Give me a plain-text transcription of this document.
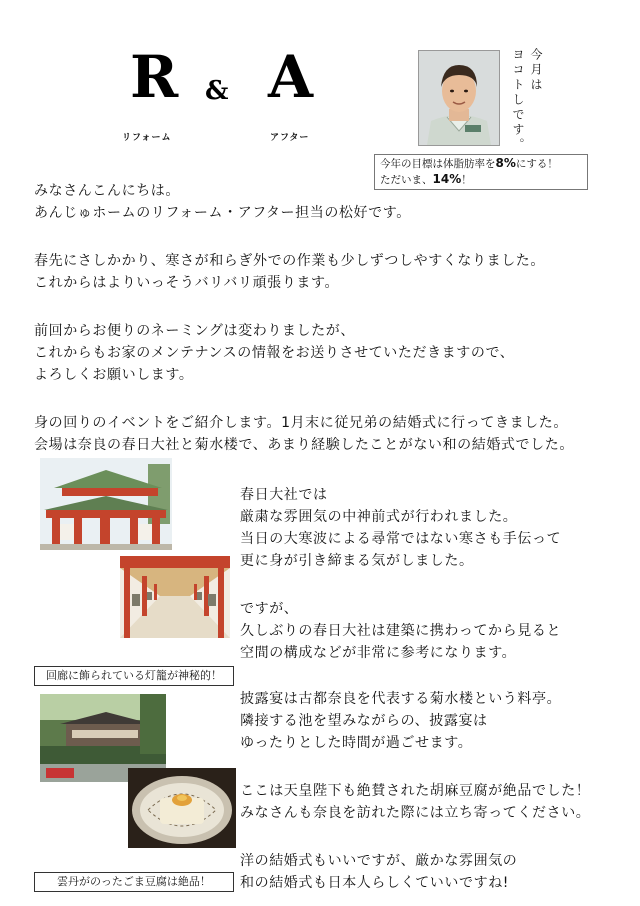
R & A
リフォーム	アフター
今月は
ヨコトしです。
今年の目標は体脂肪率を8%にする！
ただいま、14%！
みなさんこんにちは。
あんじゅホームのリフォーム・アフター担当の松好です。
春先にさしかかり、寒さが和らぎ外での作業も少しずつしやすくなりました。
これからはよりいっそうバリバリ頑張ります。
前回からお便りのネーミングは変わりましたが、
これからもお家のメンテナンスの情報をお送りさせていただきますので、
よろしくお願いします。
身の回りのイベントをご紹介します。1月末に従兄弟の結婚式に行ってきました。
会場は奈良の春日大社と菊水楼で、あまり経験したことがない和の結婚式でした。
回廊に飾られている灯籠が神秘的！
雲丹がのったごま豆腐は絶品！
春日大社では
厳粛な雰囲気の中神前式が行われました。
当日の大寒波による尋常ではない寒さも手伝って
更に身が引き締まる気がしました。
ですが、
久しぶりの春日大社は建築に携わってから見ると
空間の構成などが非常に参考になります。
披露宴は古都奈良を代表する菊水楼という料亭。
隣接する池を望みながらの、披露宴は
ゆったりとした時間が過ごせます。
ここは天皇陛下も絶賛された胡麻豆腐が絶品でした！
みなさんも奈良を訪れた際には立ち寄ってください。
洋の結婚式もいいですが、厳かな雰囲気の
和の結婚式も日本人らしくていいですね!
